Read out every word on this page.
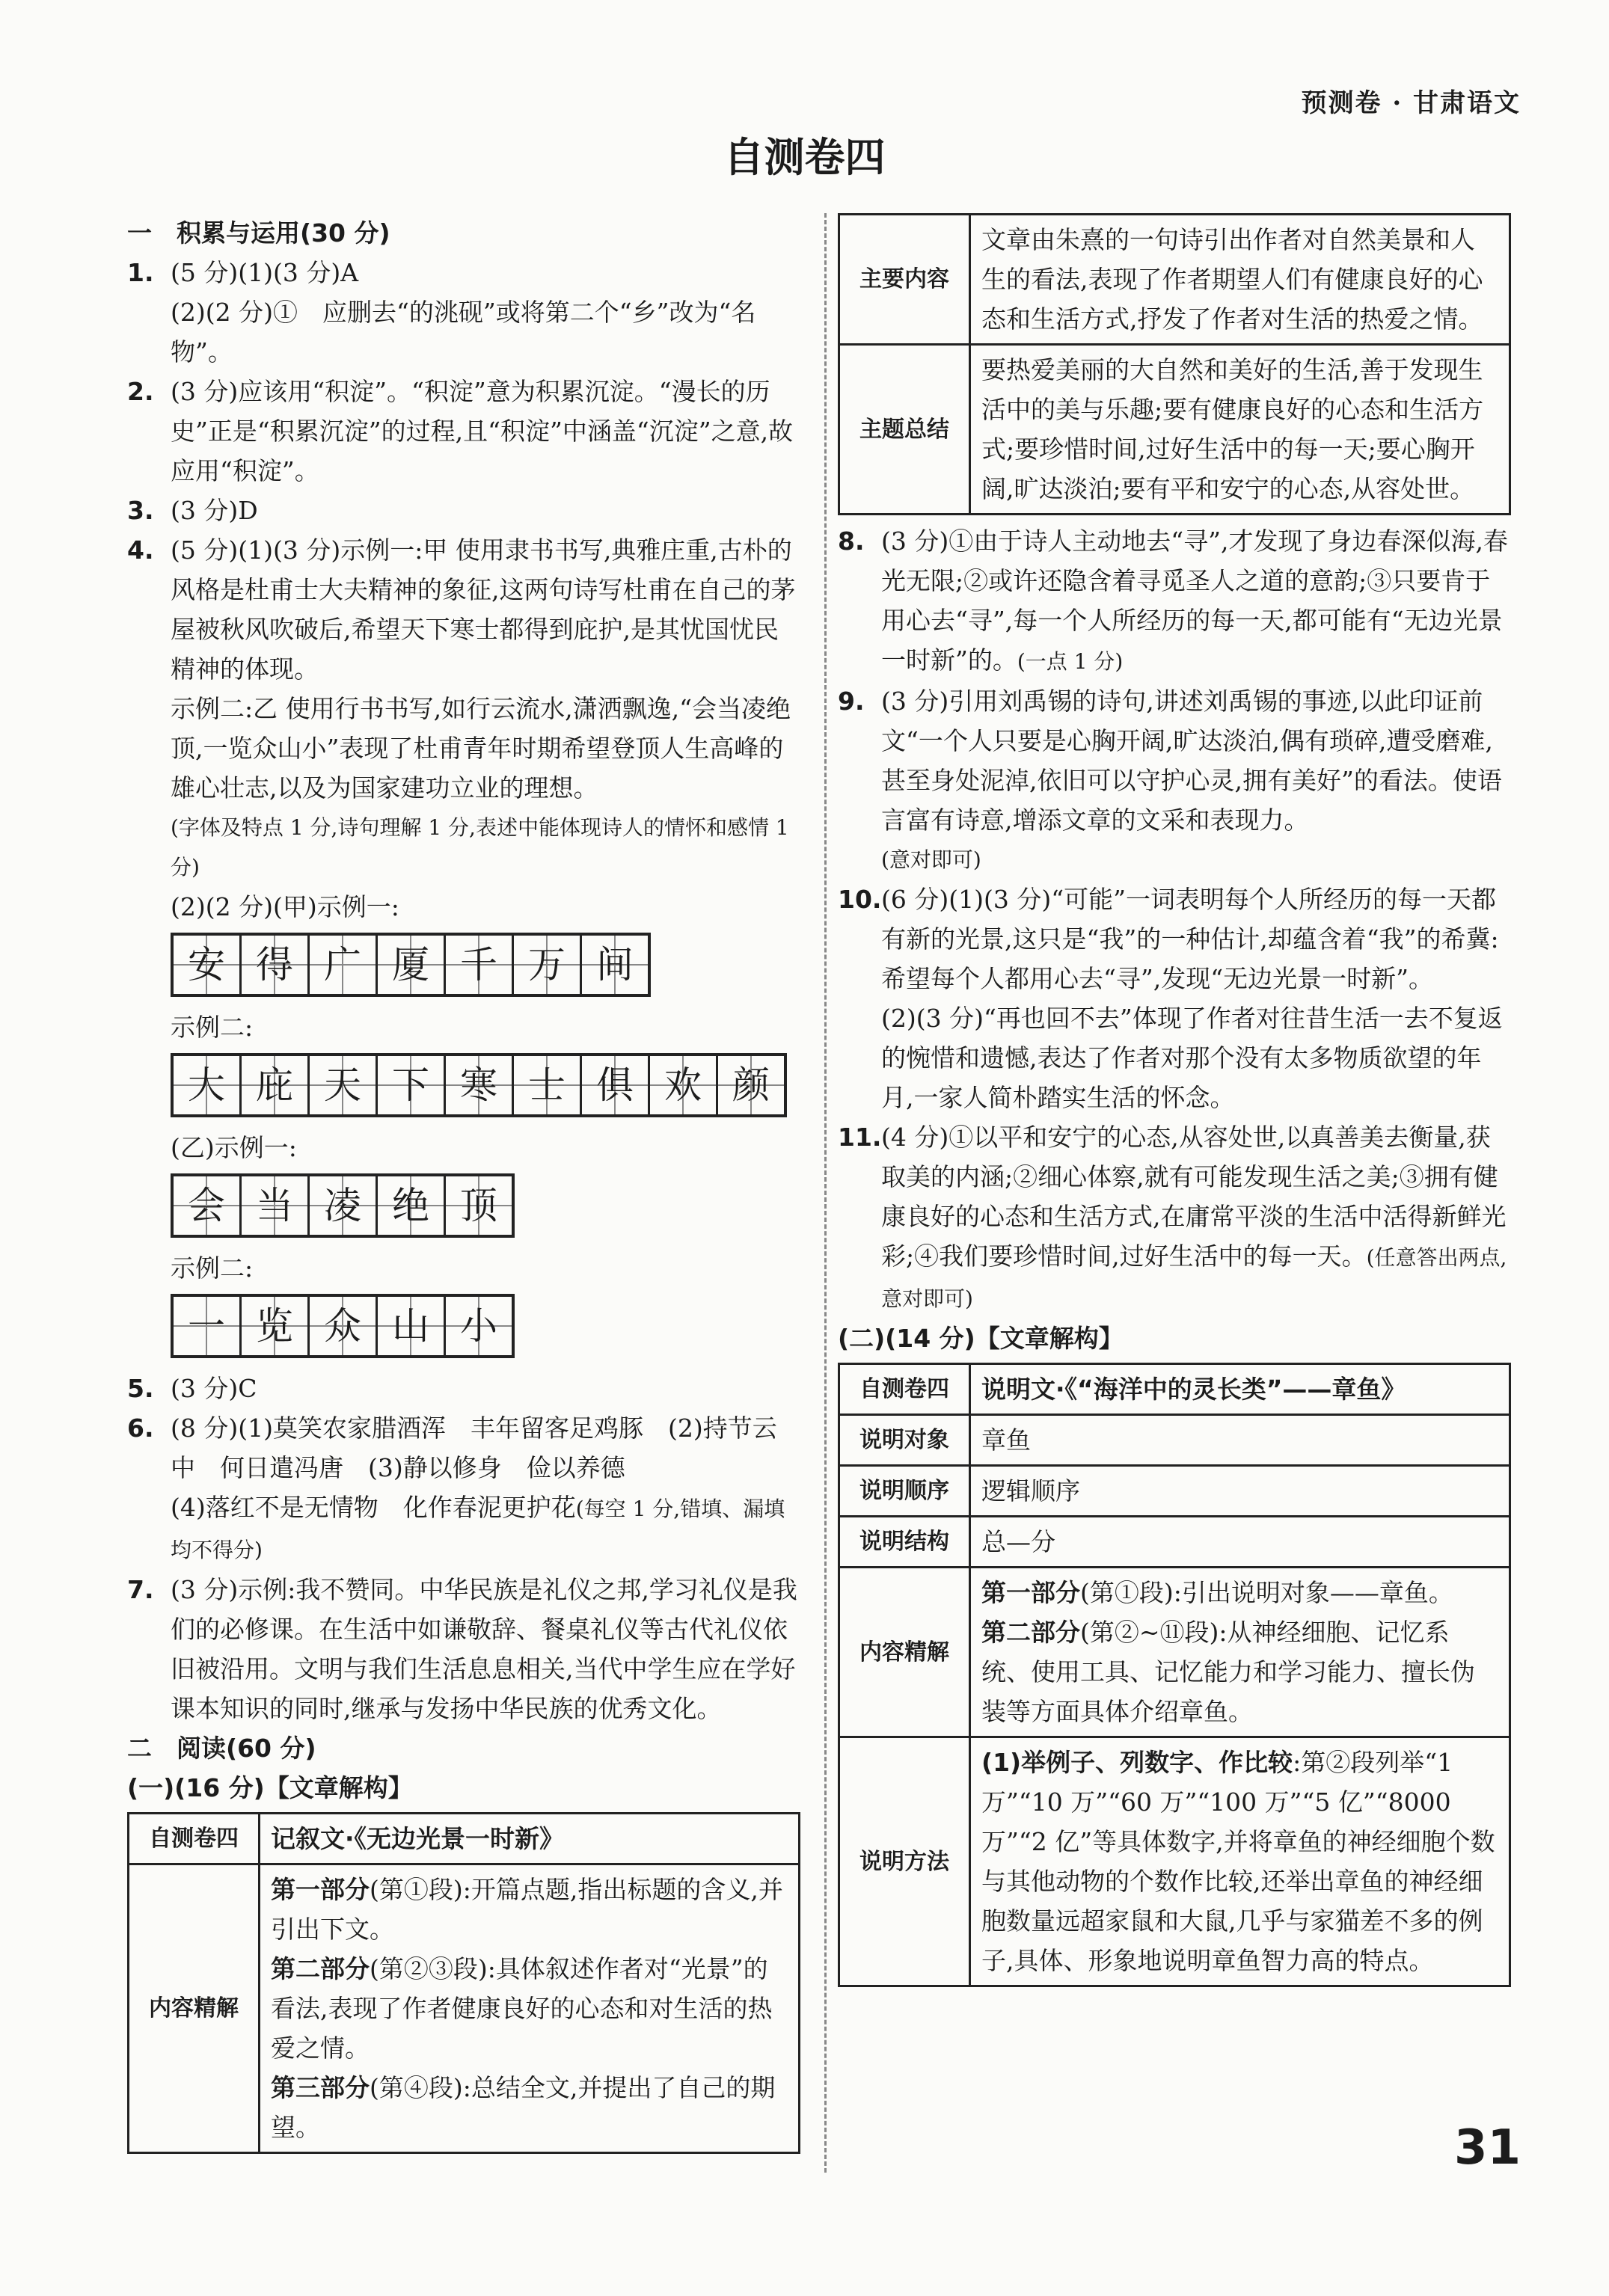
预测卷 · 甘肃语文
自测卷四
一　积累与运用(30 分)
1. (5 分)(1)(3 分)A
(2)(2 分)①　应删去“的洮砚”或将第二个“乡”改为“名物”。
2. (3 分)应该用“积淀”。“积淀”意为积累沉淀。“漫长的历史”正是“积累沉淀”的过程,且“积淀”中涵盖“沉淀”之意,故应用“积淀”。
3. (3 分)D
4. (5 分)(1)(3 分)示例一:甲 使用隶书书写,典雅庄重,古朴的风格是杜甫士大夫精神的象征,这两句诗写杜甫在自己的茅屋被秋风吹破后,希望天下寒士都得到庇护,是其忧国忧民精神的体现。
示例二:乙 使用行书书写,如行云流水,潇洒飘逸,“会当凌绝顶,一览众山小”表现了杜甫青年时期希望登顶人生高峰的雄心壮志,以及为国家建功立业的理想。
(字体及特点 1 分,诗句理解 1 分,表述中能体现诗人的情怀和感情 1 分)
(2)(2 分)(甲)示例一:
安 得 广 厦 千 万 间
示例二:
大 庇 天 下 寒 士 俱 欢 颜
(乙)示例一:
会 当 凌 绝 顶
示例二:
一 览 众 山 小
5. (3 分)C
6. (8 分)(1)莫笑农家腊酒浑　丰年留客足鸡豚　(2)持节云中　何日遣冯唐　(3)静以修身　俭以养德
(4)落红不是无情物　化作春泥更护花(每空 1 分,错填、漏填均不得分)
7. (3 分)示例:我不赞同。中华民族是礼仪之邦,学习礼仪是我们的必修课。在生活中如谦敬辞、餐桌礼仪等古代礼仪依旧被沿用。文明与我们生活息息相关,当代中学生应在学好课本知识的同时,继承与发扬中华民族的优秀文化。
二　阅读(60 分)
(一)(16 分)【文章解构】
自测卷四	记叙文·《无边光景一时新》
内容精解	第一部分(第①段):开篇点题,指出标题的含义,并引出下文。
第二部分(第②③段):具体叙述作者对“光景”的看法,表现了作者健康良好的心态和对生活的热爱之情。
第三部分(第④段):总结全文,并提出了自己的期望。
主要内容	文章由朱熹的一句诗引出作者对自然美景和人生的看法,表现了作者期望人们有健康良好的心态和生活方式,抒发了作者对生活的热爱之情。
主题总结	要热爱美丽的大自然和美好的生活,善于发现生活中的美与乐趣;要有健康良好的心态和生活方式;要珍惜时间,过好生活中的每一天;要心胸开阔,旷达淡泊;要有平和安宁的心态,从容处世。
8. (3 分)①由于诗人主动地去“寻”,才发现了身边春深似海,春光无限;②或许还隐含着寻觅圣人之道的意韵;③只要肯于用心去“寻”,每一个人所经历的每一天,都可能有“无边光景一时新”的。(一点 1 分)
9. (3 分)引用刘禹锡的诗句,讲述刘禹锡的事迹,以此印证前文“一个人只要是心胸开阔,旷达淡泊,偶有琐碎,遭受磨难,甚至身处泥淖,依旧可以守护心灵,拥有美好”的看法。使语言富有诗意,增添文章的文采和表现力。
(意对即可)
10. (6 分)(1)(3 分)“可能”一词表明每个人所经历的每一天都有新的光景,这只是“我”的一种估计,却蕴含着“我”的希冀:希望每个人都用心去“寻”,发现“无边光景一时新”。
(2)(3 分)“再也回不去”体现了作者对往昔生活一去不复返的惋惜和遗憾,表达了作者对那个没有太多物质欲望的年月,一家人简朴踏实生活的怀念。
11. (4 分)①以平和安宁的心态,从容处世,以真善美去衡量,获取美的内涵;②细心体察,就有可能发现生活之美;③拥有健康良好的心态和生活方式,在庸常平淡的生活中活得新鲜光彩;④我们要珍惜时间,过好生活中的每一天。(任意答出两点,意对即可)
(二)(14 分)【文章解构】
自测卷四	说明文·《“海洋中的灵长类”——章鱼》
说明对象	章鱼
说明顺序	逻辑顺序
说明结构	总—分
内容精解	第一部分(第①段):引出说明对象——章鱼。
第二部分(第②~⑪段):从神经细胞、记忆系统、使用工具、记忆能力和学习能力、擅长伪装等方面具体介绍章鱼。

说明方法	(1)举例子、列数字、作比较:第②段列举“1 万”“10 万”“60 万”“100 万”“5 亿”“8000 万”“2 亿”等具体数字,并将章鱼的神经细胞个数与其他动物的个数作比较,还举出章鱼的神经细胞数量远超家鼠和大鼠,几乎与家猫差不多的例子,具体、形象地说明章鱼智力高的特点。
31
